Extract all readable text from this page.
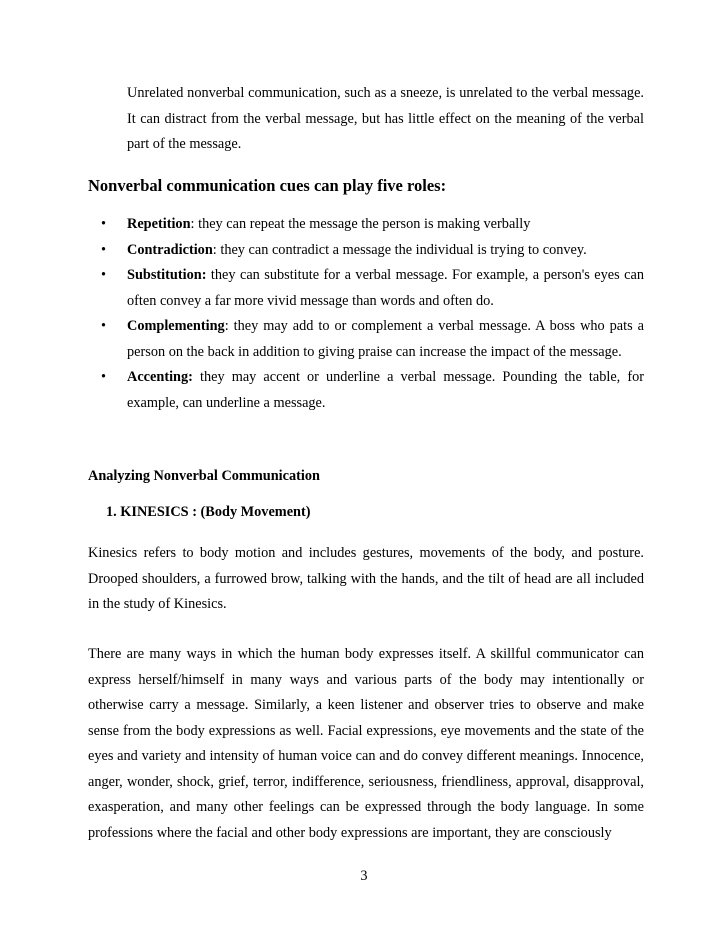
Unrelated nonverbal communication, such as a sneeze, is unrelated to the verbal message. It can distract from the verbal message, but has little effect on the meaning of the verbal part of the message.

Nonverbal communication cues can play five roles:
• Repetition: they can repeat the message the person is making verbally
• Contradiction: they can contradict a message the individual is trying to convey.
• Substitution: they can substitute for a verbal message. For example, a person's eyes can often convey a far more vivid message than words and often do.
• Complementing: they may add to or complement a verbal message. A boss who pats a person on the back in addition to giving praise can increase the impact of the message.
• Accenting: they may accent or underline a verbal message. Pounding the table, for example, can underline a message.
Analyzing Nonverbal Communication
1. KINESICS : (Body Movement)

Kinesics refers to body motion and includes gestures, movements of the body, and posture. Drooped shoulders, a furrowed brow, talking with the hands, and the tilt of head are all included in the study of Kinesics.

There are many ways in which the human body expresses itself. A skillful communicator can express herself/himself in many ways and various parts of the body may intentionally or otherwise carry a message. Similarly, a keen listener and observer tries to observe and make sense from the body expressions as well. Facial expressions, eye movements and the state of the eyes and variety and intensity of human voice can and do convey different meanings. Innocence, anger, wonder, shock, grief, terror, indifference, seriousness, friendliness, approval, disapproval, exasperation, and many other feelings can be expressed through the body language. In some professions where the facial and other body expressions are important, they are consciously

3
